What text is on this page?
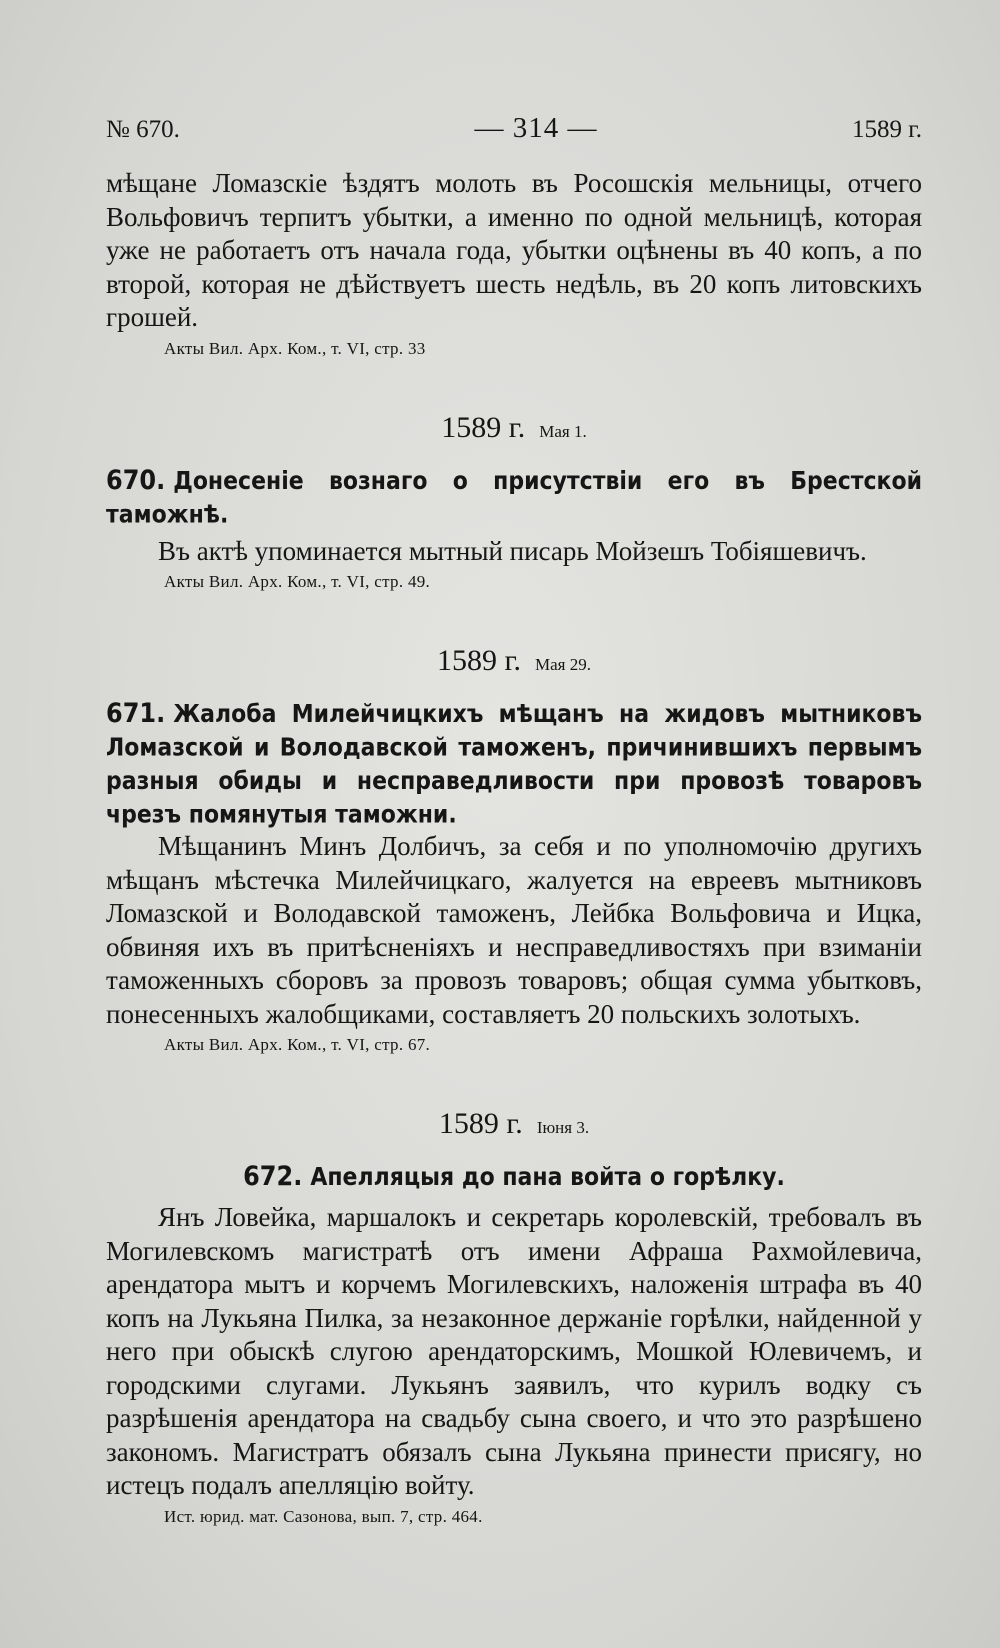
№ 670.	— 314 —	1589 г.

мѣщане Ломазскіе ѣздятъ молоть въ Росошскія мельницы, отчего Вольфовичъ терпитъ убытки, а именно по одной мельницѣ, которая уже не работаетъ отъ начала года, убытки оцѣнены въ 40 копъ, а по второй, которая не дѣйствуетъ шесть недѣль, въ 20 копъ литовскихъ грошей.

Акты Вил. Арх. Ком., т. VI, стр. 33
1589 г. Мая 1.
670. Донесеніе вознаго о присутствіи его въ Брестской таможнѣ.

Въ актѣ упоминается мытный писарь Мойзешъ Тобіяшевичъ.

Акты Вил. Арх. Ком., т. VI, стр. 49.
1589 г. Мая 29.
671. Жалоба Милейчицкихъ мѣщанъ на жидовъ мытниковъ Ломазской и Володавской таможенъ, причинившихъ первымъ разныя обиды и несправедливости при провозѣ товаровъ чрезъ помянутыя таможни.

Мѣщанинъ Минъ Долбичъ, за себя и по уполномочію другихъ мѣщанъ мѣстечка Милейчицкаго, жалуется на евреевъ мытниковъ Ломазской и Володавской таможенъ, Лейбка Вольфовича и Ицка, обвиняя ихъ въ притѣсненіяхъ и несправедливостяхъ при взиманіи таможенныхъ сборовъ за провозъ товаровъ; общая сумма убытковъ, понесенныхъ жалобщиками, составляетъ 20 польскихъ золотыхъ.

Акты Вил. Арх. Ком., т. VI, стр. 67.
1589 г. Іюня 3.
672. Апелляцыя до пана войта о горѣлку.

Янъ Ловейка, маршалокъ и секретарь королевскій, требовалъ въ Могилевскомъ магистратѣ отъ имени Афраша Рахмойлевича, арендатора мытъ и корчемъ Могилевскихъ, наложенія штрафа въ 40 копъ на Лукьяна Пилка, за незаконное держаніе горѣлки, найденной у него при обыскѣ слугою арендаторскимъ, Мошкой Юлевичемъ, и городскими слугами. Лукьянъ заявилъ, что курилъ водку съ разрѣшенія арендатора на свадьбу сына своего, и что это разрѣшено закономъ. Магистратъ обязалъ сына Лукьяна принести присягу, но истецъ подалъ апелляцію войту.

Ист. юрид. мат. Сазонова, вып. 7, стр. 464.
